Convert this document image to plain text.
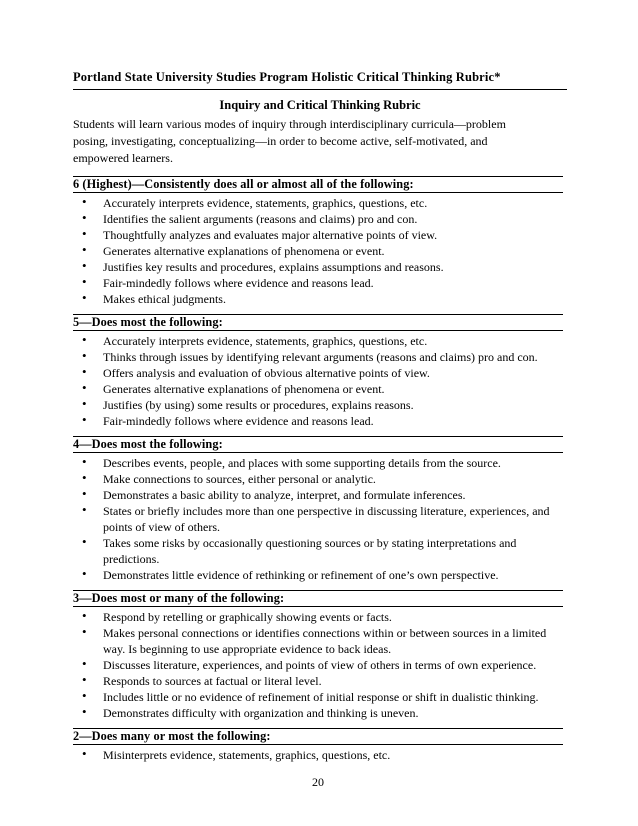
Portland State University Studies Program Holistic Critical Thinking Rubric*
Inquiry and Critical Thinking Rubric

Students will learn various modes of inquiry through interdisciplinary curricula—problem posing, investigating, conceptualizing—in order to become active, self-motivated, and empowered learners.

6 (Highest)—Consistently does all or almost all of the following:
• Accurately interprets evidence, statements, graphics, questions, etc.
• Identifies the salient arguments (reasons and claims) pro and con.
• Thoughtfully analyzes and evaluates major alternative points of view.
• Generates alternative explanations of phenomena or event.
• Justifies key results and procedures, explains assumptions and reasons.
• Fair-mindedly follows where evidence and reasons lead.
• Makes ethical judgments.
5—Does most the following:
• Accurately interprets evidence, statements, graphics, questions, etc.
• Thinks through issues by identifying relevant arguments (reasons and claims) pro and con.
• Offers analysis and evaluation of obvious alternative points of view.
• Generates alternative explanations of phenomena or event.
• Justifies (by using) some results or procedures, explains reasons.
• Fair-mindedly follows where evidence and reasons lead.
4—Does most the following:
• Describes events, people, and places with some supporting details from the source.
• Make connections to sources, either personal or analytic.
• Demonstrates a basic ability to analyze, interpret, and formulate inferences.
• States or briefly includes more than one perspective in discussing literature, experiences, and points of view of others.
• Takes some risks by occasionally questioning sources or by stating interpretations and predictions.
• Demonstrates little evidence of rethinking or refinement of one’s own perspective.
3—Does most or many of the following:
• Respond by retelling or graphically showing events or facts.
• Makes personal connections or identifies connections within or between sources in a limited way. Is beginning to use appropriate evidence to back ideas.
• Discusses literature, experiences, and points of view of others in terms of own experience.
• Responds to sources at factual or literal level.
• Includes little or no evidence of refinement of initial response or shift in dualistic thinking.
• Demonstrates difficulty with organization and thinking is uneven.
2—Does many or most the following:
• Misinterprets evidence, statements, graphics, questions, etc.
20
